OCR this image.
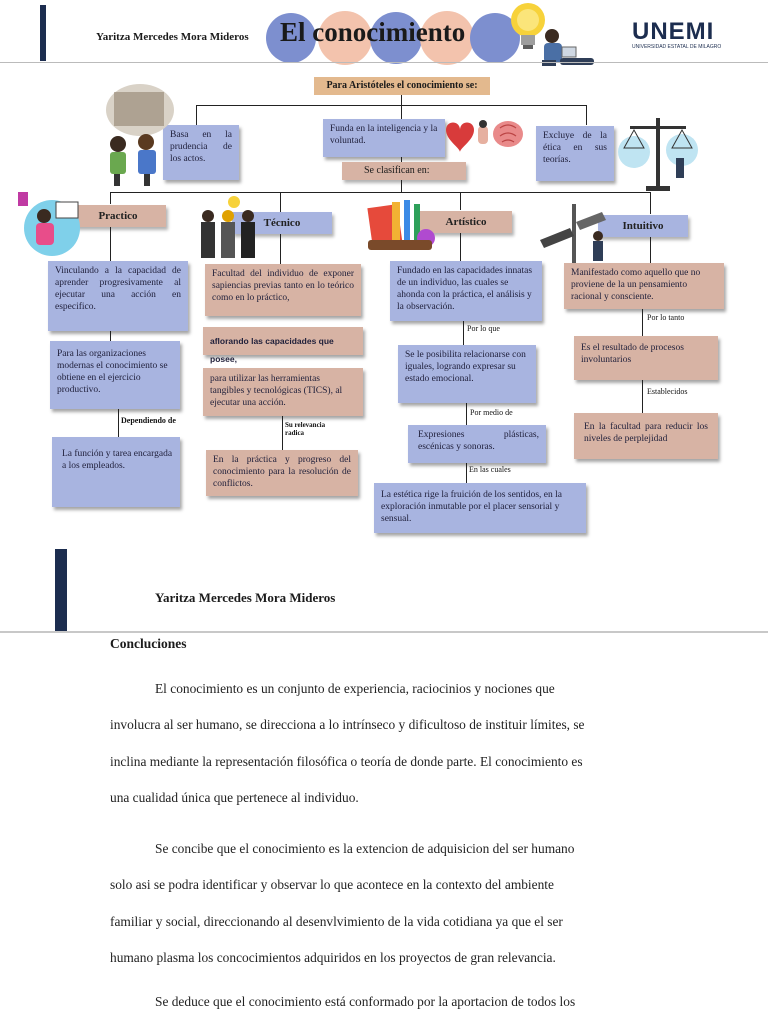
Yaritza Mercedes Mora Mideros El conocimiento	UNEMI
UNIVERSIDAD ESTATAL DE MILAGRO
Para Aristóteles el conocimiento se:
Basa en la prudencia de los actos.
Funda en la inteligencia y la voluntad.	Excluye de la ética en sus teorías.
Se clasifican en:
Practico
Técnico	Artístico	Intuitivo
Vinculando a la capacidad de aprender progresivamente al ejecutar una acción en especifico.
Para las organizaciones modernas el conocimiento se obtiene en el ejercicio productivo.
Dependiendo de
La función y tarea encargada a los empleados.
Facultad del individuo de exponer sapiencias previas tanto en lo teórico como en lo práctico,
aflorando las capacidades que posee,
para utilizar las herramientas tangibles y tecnológicas (TICS), al ejecutar una acción.
Su relevancia radica
En la práctica y progreso del conocimiento para la resolución de conflictos.
Fundado en las capacidades innatas de un individuo, las cuales se ahonda con la práctica, el análisis y la observación.
Por lo que
Se le posibilita relacionarse con iguales, logrando expresar su estado emocional.
Por medio de
Expresiones plásticas, escénicas y sonoras.
En las cuales
La estética rige la fruición de los sentidos, en la exploración inmutable por el placer sensorial y sensual.
Manifestado como aquello que no proviene de la un pensamiento racional y consciente.
Por lo tanto
Es el resultado de procesos involuntarios
Establecidos
En la facultad para reducir los niveles de perplejidad
Yaritza Mercedes Mora Mideros
Concluciones
El conocimiento es un conjunto de experiencia, raciocinios y nociones que
involucra al ser humano, se direcciona a lo intrínseco y dificultoso de instituir límites, se
inclina mediante la representación filosófica o teoría de donde parte. El conocimiento es
una cualidad única que pertenece al individuo.
Se concibe que el conocimiento es la extencion de adquisicion del ser humano
solo asi se podra identificar y observar lo que acontece en la contexto del ambiente
familiar y social, direccionando al desenvlvimiento de la vida cotidiana ya que el ser
humano plasma los concocimientos adquiridos en los proyectos de gran relevancia.
Se deduce que el conocimiento está conformado por la aportacion de todos los
